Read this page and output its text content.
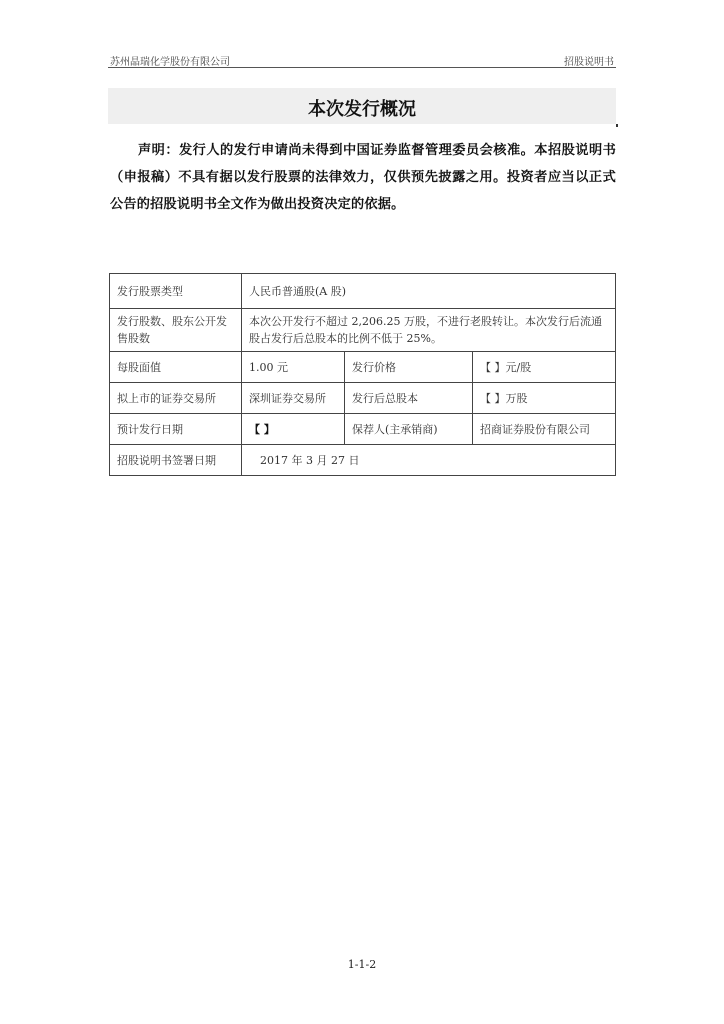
苏州晶瑞化学股份有限公司	招股说明书
本次发行概况

声明：发行人的发行申请尚未得到中国证券监督管理委员会核准。本招股说明书（申报稿）不具有据以发行股票的法律效力，仅供预先披露之用。投资者应当以正式公告的招股说明书全文作为做出投资决定的依据。

发行股票类型	人民币普通股(A 股)		
发行股数、股东公开发售股数	本次公开发行不超过 2,206.25 万股，不进行老股转让。本次发行后流通股占发行后总股本的比例不低于 25%。		
每股面值	1.00 元	发行价格	【 】元/股
拟上市的证券交易所	深圳证券交易所	发行后总股本	【 】万股
预计发行日期	【 】	保荐人(主承销商)	招商证券股份有限公司
招股说明书签署日期	2017 年 3 月 27 日		
1-1-2
